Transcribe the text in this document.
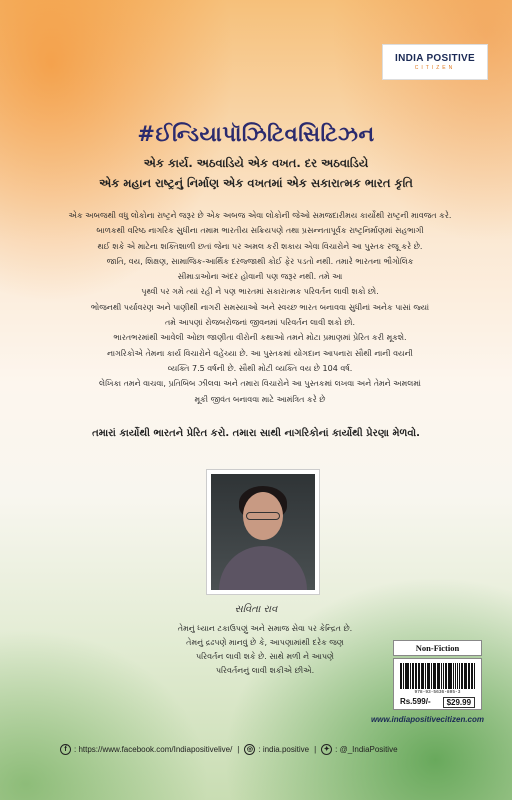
INDIA POSITIVE
CITIZEN
#ઈન્ડિયાપૉઝિટિવસિટિઝન
એક કાર્ય. અઠવાડિયે એક વખત. દર અઠવાડિયે
એક મહાન રાષ્ટ્રનું નિર્માણ એક વખતમાં એક સકારાત્મક ભારત કૃતિ

એક અબજથી વધુ લોકોના રાષ્ટ્રને જરૂર છે એક અબજ એવા લોકોની જેઓ સમજદારીમય કાર્યોથી રાષ્ટ્રની માવજત કરે.

બાળકથી વરિષ્ઠ નાગરિક સુધીના તમામ ભારતીય સક્રિયપણે તથા પ્રસન્નતાપૂર્વક રાષ્ટ્રનિર્માણમાં સહભાગી

થઈ શકે એ માટેના શક્તિશાળી છતાં જેના પર અમલ કરી શકાય એવા વિચારોને આ પુસ્તક રજૂ કરે છે.

જાતિ, વય, શિક્ષણ, સામાજિક-આર્થિક દરજ્જાથી કોઈ ફેર પડતો નથી. તમારે ભારતના ભૌગોલિક

સીમાડાઓના અંદર હોવાની પણ જરૂર નથી. તમે આ

પૃથ્વી પર ગમે ત્યાં રહી ને પણ ભારતમાં સકારાત્મક પરિવર્તન લાવી શકો છો.

ભોજનથી પર્યાવરણ અને પાણીથી નાગરી સમસ્યાઓ અને સ્વચ્છ ભારત બનાવવા સુધીનાં અનેક પાસાં જ્યાં

તમે આપણાં રોજબરોજનાં જીવનમાં પરિવર્તન લાવી શકો છો.

ભારતભરમાંથી આવેલી ઓછા જાણીતા વીરોની કથાઓ તમને મોટા પ્રમાણમાં પ્રેરિત કરી મૂકશે.

નાગરિકોએ તેમના કાર્ય વિચારોને વહેંચ્યા છે. આ પુસ્તકમાં યોગદાન આપનારા સૌથી નાની વયની

વ્યક્તિ 7.5 વર્ષની છે. સૌથી મોટી વ્યક્તિ વય છે 104 વર્ષ.

લેખિકા તમને વાચવા, પ્રતિબિંબ ઝીલવા અને તમારા વિચારોને આ પુસ્તકમાં લખવા અને તેમને અમલમાં

મૂકી જીવંત બનાવવા માટે આમંત્રિત કરે છે

તમારાં કાર્યોથી ભારતને પ્રેરિત કરો. તમારા સાથી નાગરિકોનાં કાર્યોથી પ્રેરણા મેળવો.
સવિતા રાવ

તેમનું ધ્યાન ટકાઉપણું અને સમાજ સેવા પર કેન્દ્રિત છે.

તેમનું દ્રઢપણે માનવું છે કે, આપણામાંથી દરેક જણ

પરિવર્તન લાવી શકે છે. સાથે મળી ને આપણે

પરિવર્તનનું લાવી શકીએ છીએ.

Non-Fiction
978-93-5636-805-3
Rs.599/-	$29.99
www.indiapositivecitizen.com
f : https://www.facebook.com/Indiapositivelive/ |	◎ : india.positive |	✦ : @_IndiaPositive
